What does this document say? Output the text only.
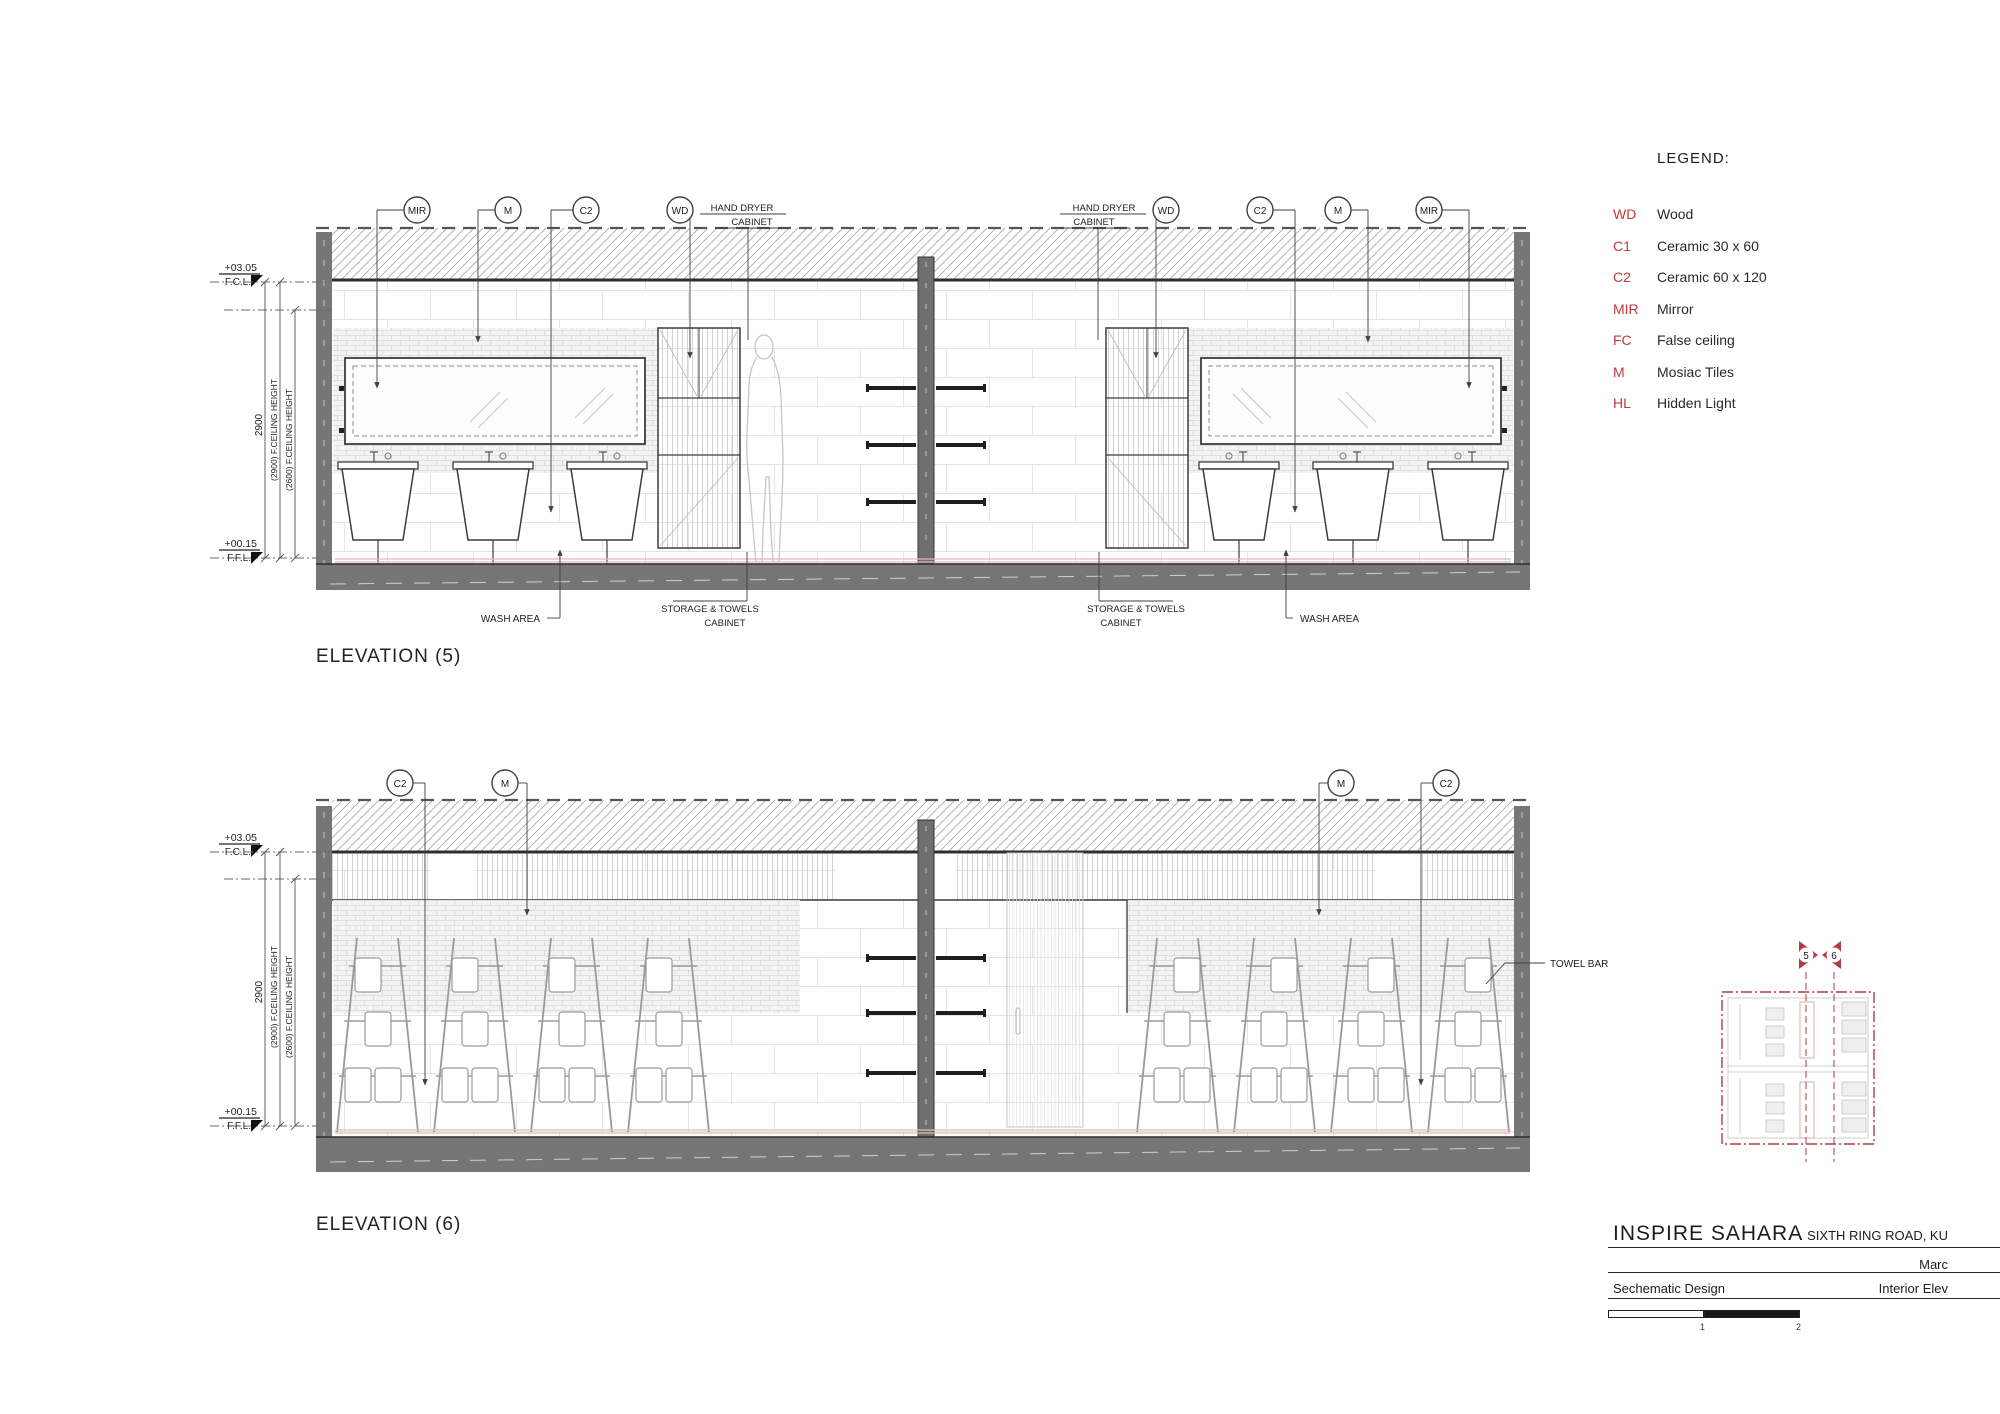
MIR	M	C2	WD HAND DRYER
CABINET
WD	C2	M	MIR
HAND DRYER
CABINET
WASH AREA
STORAGE & TOWELS
CABINET
STORAGE & TOWELS
CABINET	WASH AREA
+03.05
F.C.L.
2900 (2900) F.CEILING HEIGHT (2600) F.CEILING HEIGHT
+00.15
F.F.L.
ELEVATION (5)
C2	M	M	C2
TOWEL BAR
+03.05
F.C.L.
2900 (2900) F.CEILING HEIGHT (2600) F.CEILING HEIGHT
+00.15
F.F.L.
ELEVATION (6)
5 6
LEGEND:
WD	Wood
C1	Ceramic 30 x 60
C2	Ceramic 60 x 120
MIR	Mirror
FC	False ceiling
M	Mosiac Tiles
HL	Hidden Light
INSPIRE SAHARA SIXTH RING ROAD, KU
Marc
Sechematic Design	Interior Elev
1	2
